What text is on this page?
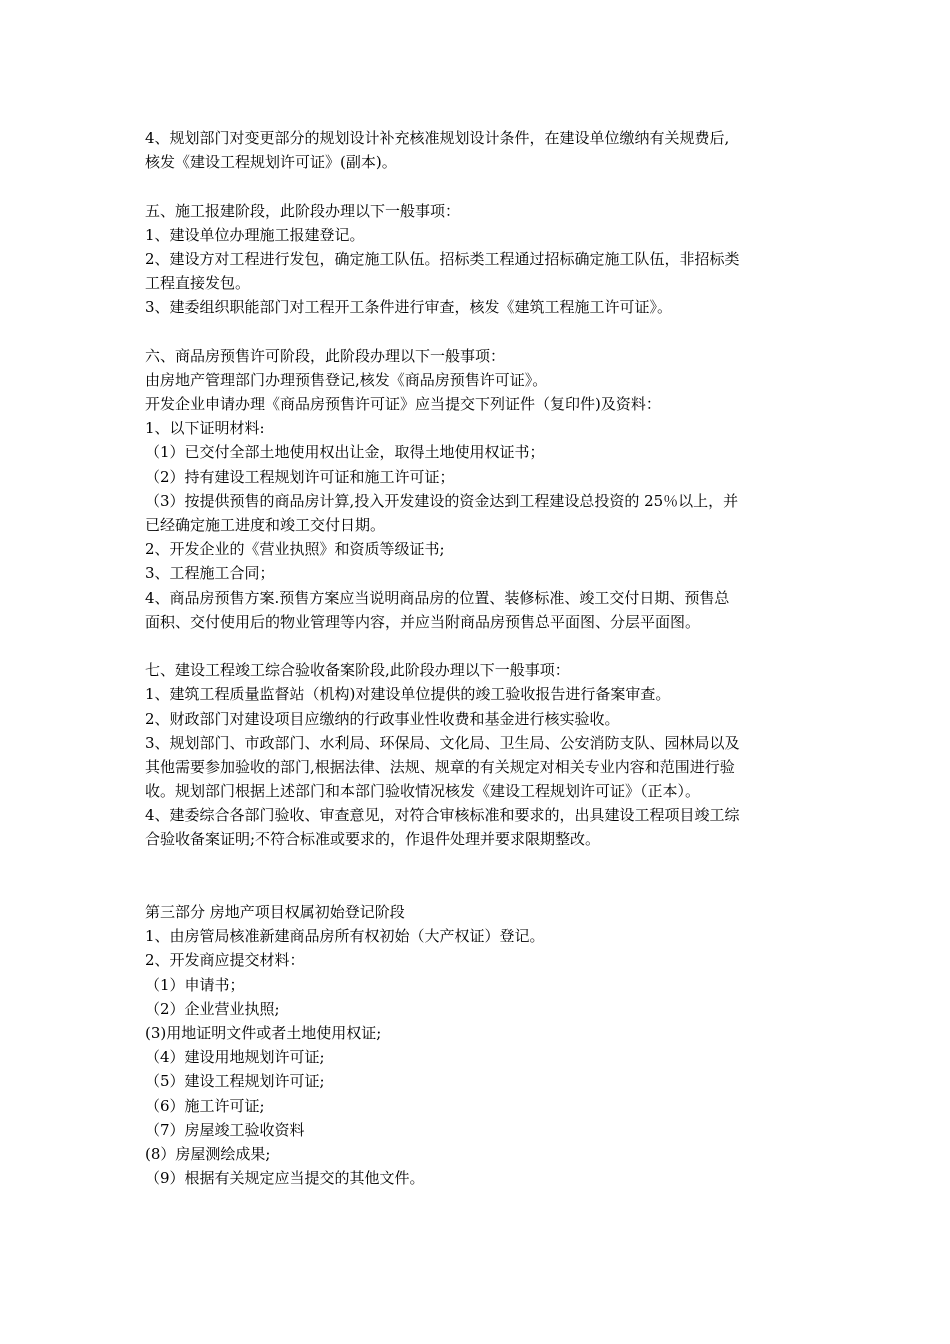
4、规划部门对变更部分的规划设计补充核准规划设计条件，在建设单位缴纳有关规费后,
核发《建设工程规划许可证》(副本)。
五、施工报建阶段，此阶段办理以下一般事项：
1、建设单位办理施工报建登记。
2、建设方对工程进行发包，确定施工队伍。招标类工程通过招标确定施工队伍，非招标类
工程直接发包。
3、建委组织职能部门对工程开工条件进行审查，核发《建筑工程施工许可证》。
六、商品房预售许可阶段，此阶段办理以下一般事项：
由房地产管理部门办理预售登记,核发《商品房预售许可证》。
开发企业申请办理《商品房预售许可证》应当提交下列证件（复印件)及资料：
1、以下证明材料:
（1）已交付全部土地使用权出让金，取得土地使用权证书；
（2）持有建设工程规划许可证和施工许可证；
（3）按提供预售的商品房计算,投入开发建设的资金达到工程建设总投资的 25％以上，并
已经确定施工进度和竣工交付日期。
2、开发企业的《营业执照》和资质等级证书;
3、工程施工合同；
4、商品房预售方案.预售方案应当说明商品房的位置、装修标准、竣工交付日期、预售总
面积、交付使用后的物业管理等内容，并应当附商品房预售总平面图、分层平面图。
七、建设工程竣工综合验收备案阶段,此阶段办理以下一般事项：
1、建筑工程质量监督站（机构)对建设单位提供的竣工验收报告进行备案审查。
2、财政部门对建设项目应缴纳的行政事业性收费和基金进行核实验收。
3、规划部门、市政部门、水利局、环保局、文化局、卫生局、公安消防支队、园林局以及
其他需要参加验收的部门,根据法律、法规、规章的有关规定对相关专业内容和范围进行验
收。规划部门根据上述部门和本部门验收情况核发《建设工程规划许可证》（正本）。
4、建委综合各部门验收、审查意见，对符合审核标准和要求的，出具建设工程项目竣工综
合验收备案证明;不符合标准或要求的，作退件处理并要求限期整改。
第三部分 房地产项目权属初始登记阶段
1、由房管局核准新建商品房所有权初始（大产权证）登记。
2、开发商应提交材料：
（1）申请书；
（2）企业营业执照;
(3)用地证明文件或者土地使用权证;
（4）建设用地规划许可证;
（5）建设工程规划许可证;
（6）施工许可证;
（7）房屋竣工验收资料
(8）房屋测绘成果;
（9）根据有关规定应当提交的其他文件。
